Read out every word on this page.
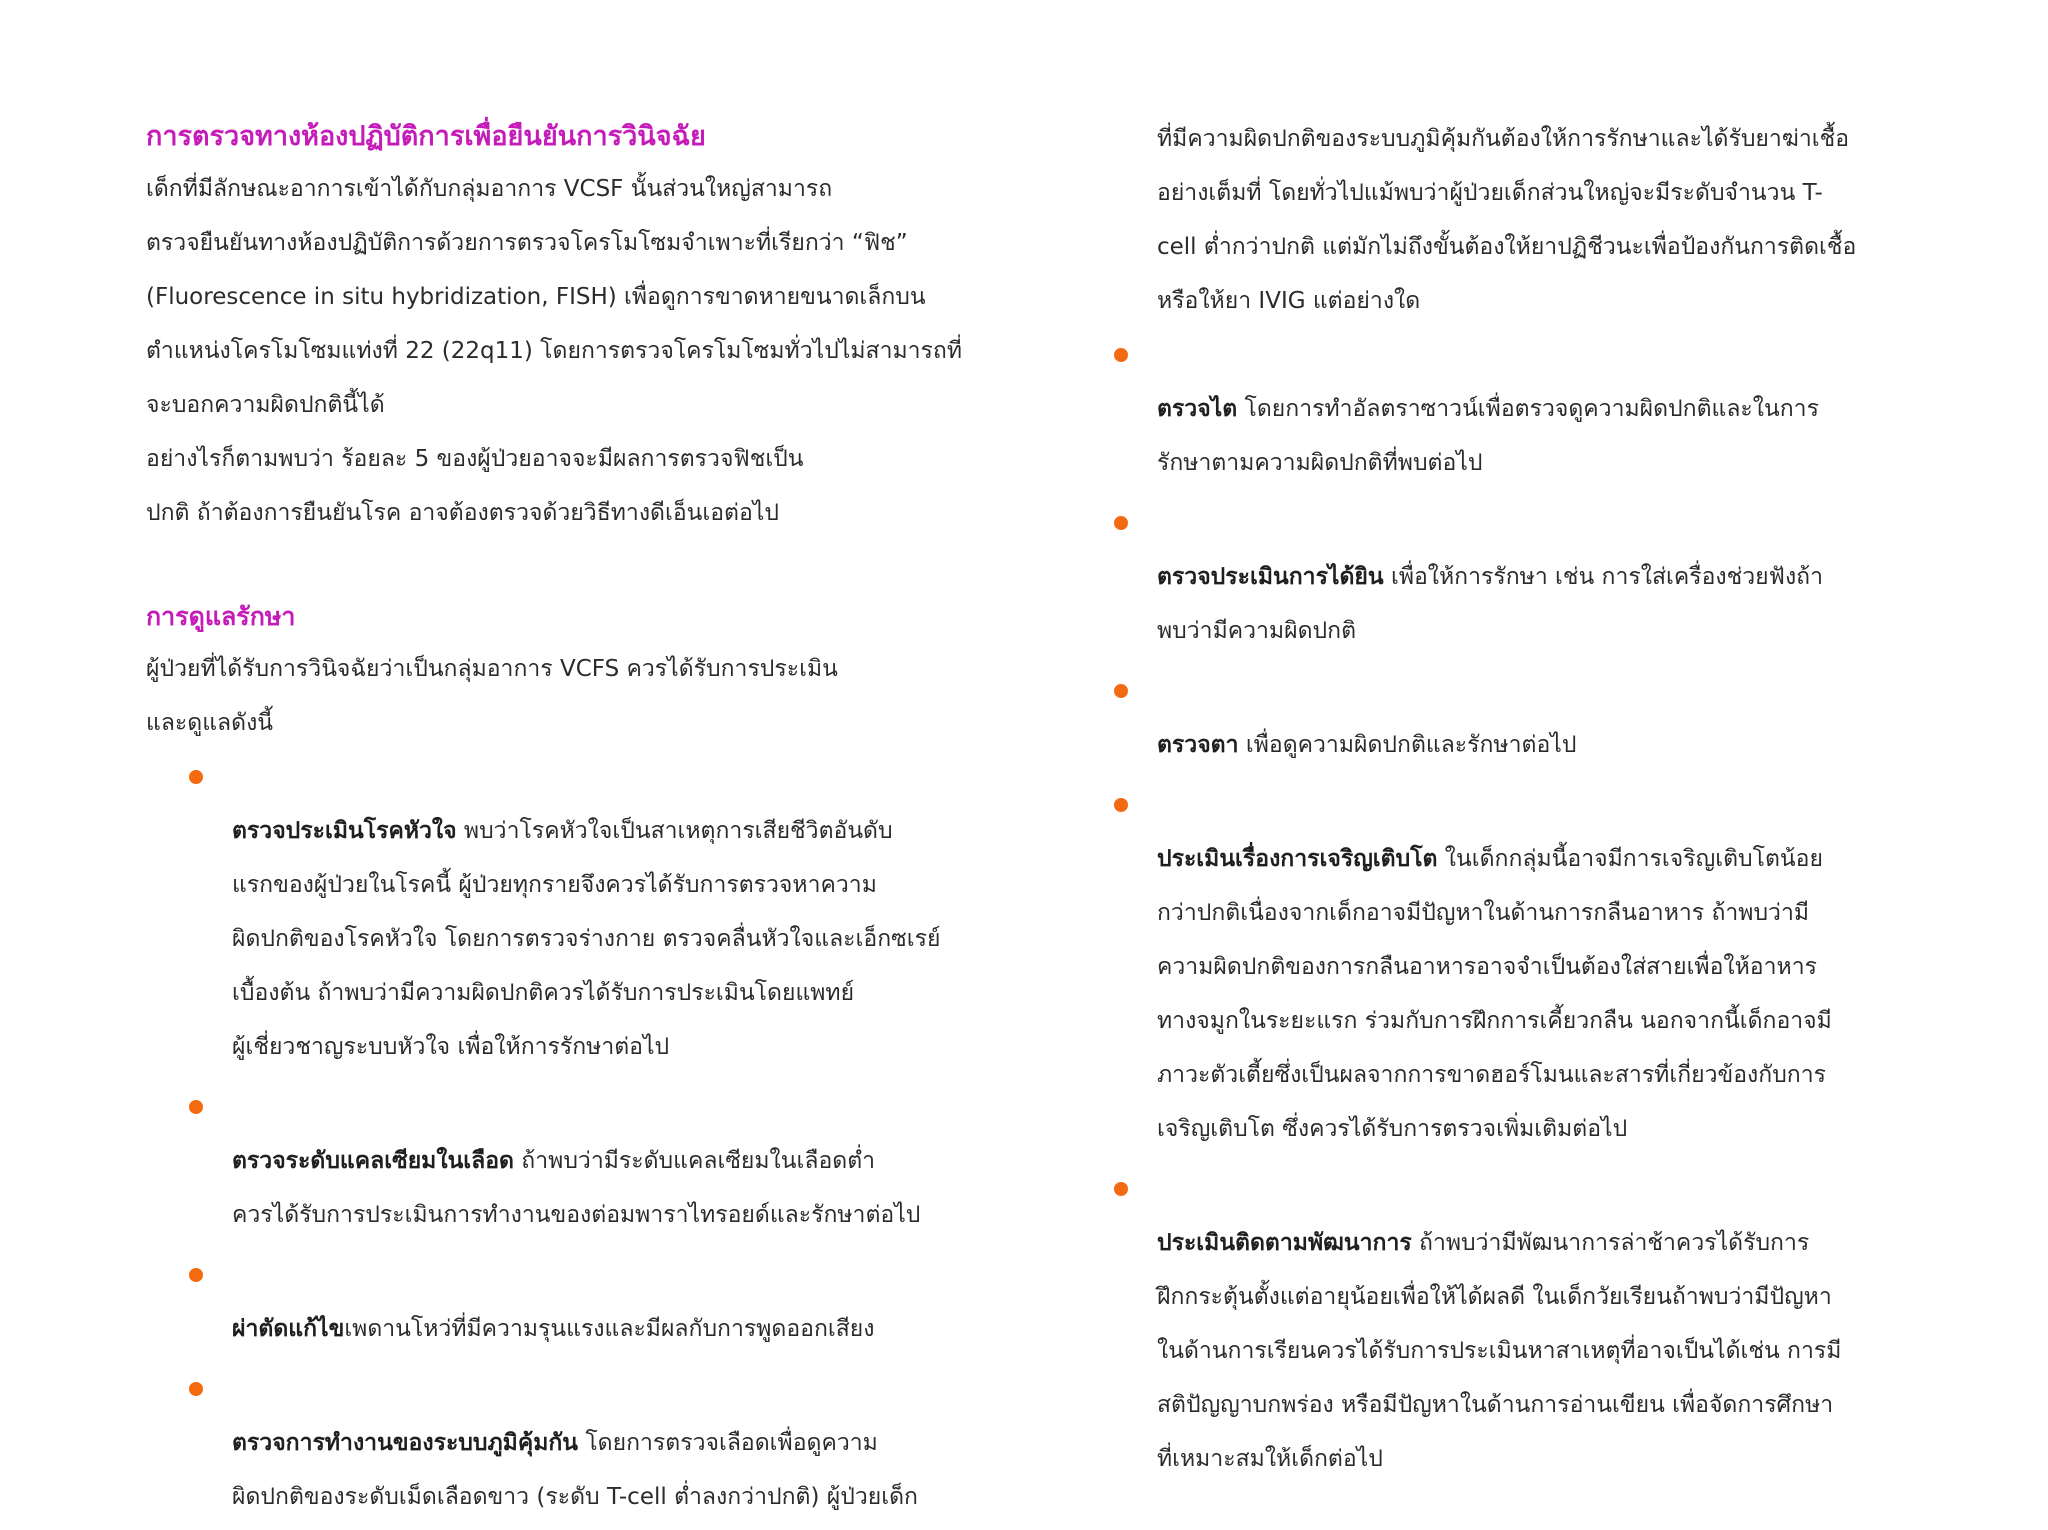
การตรวจทางห้องปฏิบัติการเพื่อยืนยันการวินิจฉัย

เด็กที่มีลักษณะอาการเข้าได้กับกลุ่มอาการ VCSF นั้นส่วนใหญ่สามารถ
ตรวจยืนยันทางห้องปฏิบัติการด้วยการตรวจโครโมโซมจำเพาะที่เรียกว่า “ฟิช”
(Fluorescence in situ hybridization, FISH) เพื่อดูการขาดหายขนาดเล็กบน
ตำแหน่งโครโมโซมแท่งที่ 22 (22q11) โดยการตรวจโครโมโซมทั่วไปไม่สามารถที่
จะบอกความผิดปกตินี้ได้

อย่างไรก็ตามพบว่า ร้อยละ 5 ของผู้ป่วยอาจจะมีผลการตรวจฟิชเป็น
ปกติ ถ้าต้องการยืนยันโรค อาจต้องตรวจด้วยวิธีทางดีเอ็นเอต่อไป

การดูแลรักษา

ผู้ป่วยที่ได้รับการวินิจฉัยว่าเป็นกลุ่มอาการ VCFS ควรได้รับการประเมิน
และดูแลดังนี้

ตรวจประเมินโรคหัวใจ พบว่าโรคหัวใจเป็นสาเหตุการเสียชีวิตอันดับ
แรกของผู้ป่วยในโรคนี้ ผู้ป่วยทุกรายจึงควรได้รับการตรวจหาความ
ผิดปกติของโรคหัวใจ โดยการตรวจร่างกาย ตรวจคลื่นหัวใจและเอ็กซเรย์
เบื้องต้น ถ้าพบว่ามีความผิดปกติควรได้รับการประเมินโดยแพทย์
ผู้เชี่ยวชาญระบบหัวใจ เพื่อให้การรักษาต่อไป

ตรวจระดับแคลเซียมในเลือด ถ้าพบว่ามีระดับแคลเซียมในเลือดต่ำ
ควรได้รับการประเมินการทำงานของต่อมพาราไทรอยด์และรักษาต่อไป

ผ่าตัดแก้ไขเพดานโหว่ที่มีความรุนแรงและมีผลกับการพูดออกเสียง

ตรวจการทำงานของระบบภูมิคุ้มกัน โดยการตรวจเลือดเพื่อดูความ
ผิดปกติของระดับเม็ดเลือดขาว (ระดับ T-cell ต่ำลงกว่าปกติ) ผู้ป่วยเด็ก

ที่มีความผิดปกติของระบบภูมิคุ้มกันต้องให้การรักษาและได้รับยาฆ่าเชื้อ
อย่างเต็มที่ โดยทั่วไปแม้พบว่าผู้ป่วยเด็กส่วนใหญ่จะมีระดับจำนวน T-
cell ต่ำกว่าปกติ แต่มักไม่ถึงขั้นต้องให้ยาปฏิชีวนะเพื่อป้องกันการติดเชื้อ
หรือให้ยา IVIG แต่อย่างใด

ตรวจไต โดยการทำอัลตราซาวน์เพื่อตรวจดูความผิดปกติและในการ
รักษาตามความผิดปกติที่พบต่อไป

ตรวจประเมินการได้ยิน เพื่อให้การรักษา เช่น การใส่เครื่องช่วยฟังถ้า
พบว่ามีความผิดปกติ

ตรวจตา เพื่อดูความผิดปกติและรักษาต่อไป

ประเมินเรื่องการเจริญเติบโต ในเด็กกลุ่มนี้อาจมีการเจริญเติบโตน้อย
กว่าปกติเนื่องจากเด็กอาจมีปัญหาในด้านการกลืนอาหาร ถ้าพบว่ามี
ความผิดปกติของการกลืนอาหารอาจจำเป็นต้องใส่สายเพื่อให้อาหาร
ทางจมูกในระยะแรก ร่วมกับการฝึกการเคี้ยวกลืน นอกจากนี้เด็กอาจมี
ภาวะตัวเตี้ยซึ่งเป็นผลจากการขาดฮอร์โมนและสารที่เกี่ยวข้องกับการ
เจริญเติบโต ซึ่งควรได้รับการตรวจเพิ่มเติมต่อไป

ประเมินติดตามพัฒนาการ ถ้าพบว่ามีพัฒนาการล่าช้าควรได้รับการ
ฝึกกระตุ้นตั้งแต่อายุน้อยเพื่อให้ได้ผลดี ในเด็กวัยเรียนถ้าพบว่ามีปัญหา
ในด้านการเรียนควรได้รับการประเมินหาสาเหตุที่อาจเป็นได้เช่น การมี
สติปัญญาบกพร่อง หรือมีปัญหาในด้านการอ่านเขียน เพื่อจัดการศึกษา
ที่เหมาะสมให้เด็กต่อไป
